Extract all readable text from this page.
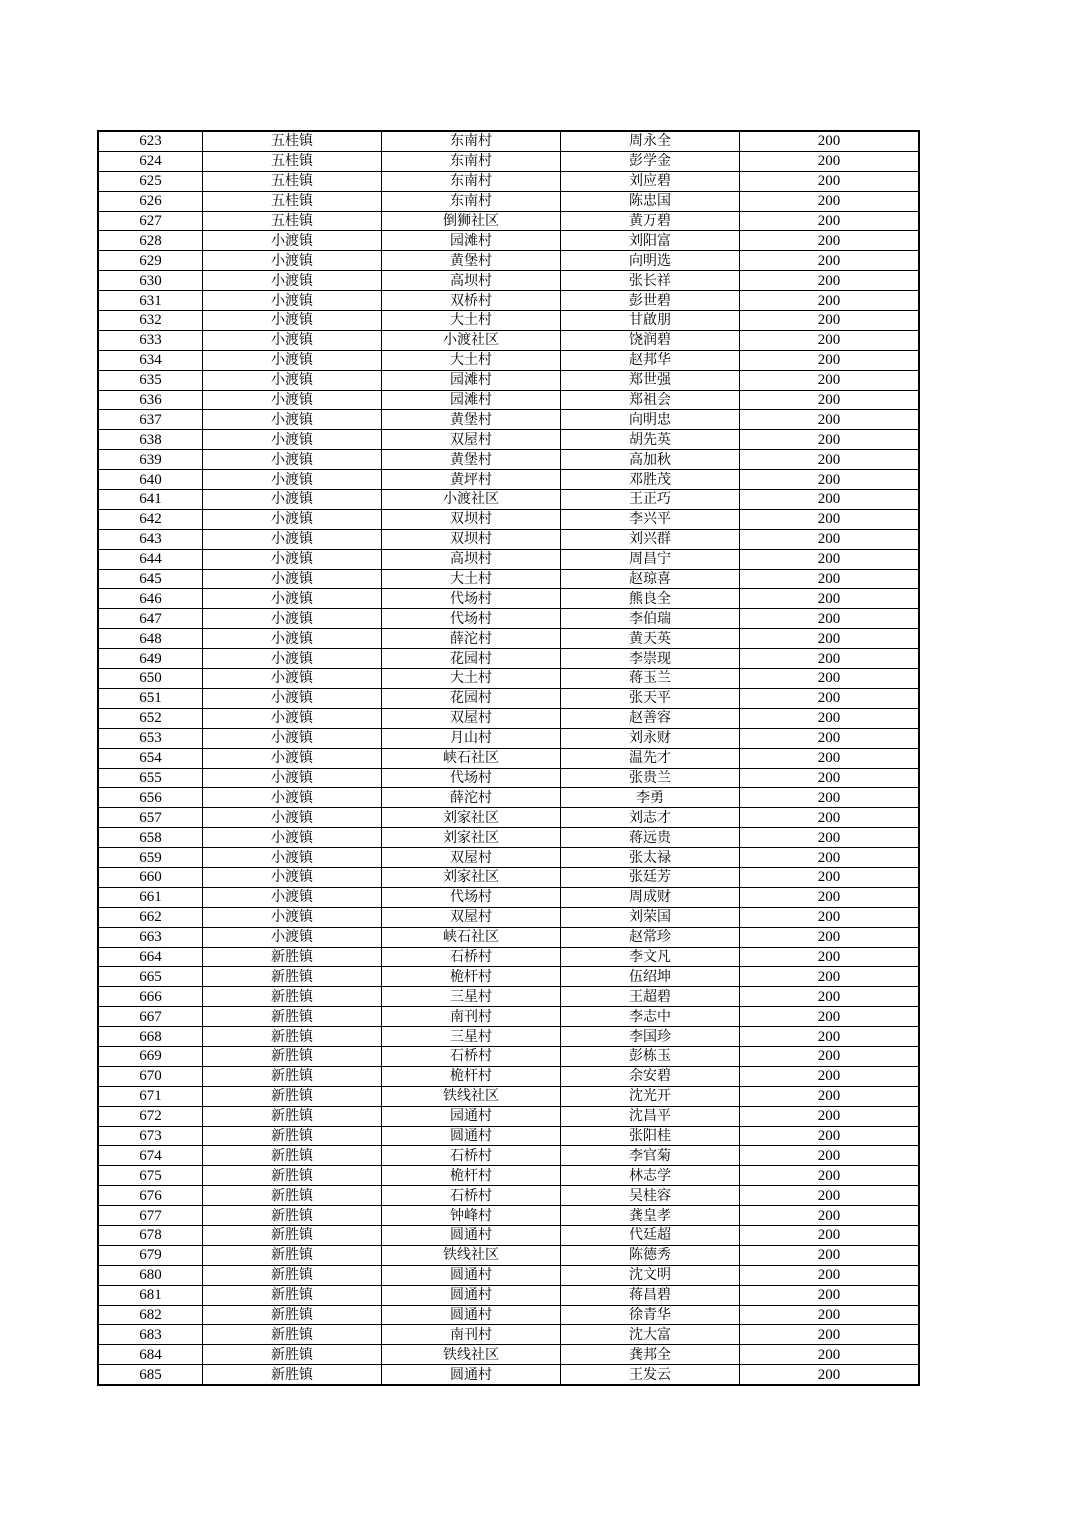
623	五桂镇	东南村	周永全	200
624	五桂镇	东南村	彭学金	200
625	五桂镇	东南村	刘应碧	200
626	五桂镇	东南村	陈忠国	200
627	五桂镇	倒狮社区	黄万碧	200
628	小渡镇	园滩村	刘阳富	200
629	小渡镇	黄堡村	向明选	200
630	小渡镇	高坝村	张长祥	200
631	小渡镇	双桥村	彭世碧	200
632	小渡镇	大土村	甘啟朋	200
633	小渡镇	小渡社区	饶润碧	200
634	小渡镇	大土村	赵邦华	200
635	小渡镇	园滩村	郑世强	200
636	小渡镇	园滩村	郑祖会	200
637	小渡镇	黄堡村	向明忠	200
638	小渡镇	双屋村	胡先英	200
639	小渡镇	黄堡村	高加秋	200
640	小渡镇	黄坪村	邓胜茂	200
641	小渡镇	小渡社区	王正巧	200
642	小渡镇	双坝村	李兴平	200
643	小渡镇	双坝村	刘兴群	200
644	小渡镇	高坝村	周昌宁	200
645	小渡镇	大土村	赵琼喜	200
646	小渡镇	代场村	熊良全	200
647	小渡镇	代场村	李伯瑞	200
648	小渡镇	薛沱村	黄天英	200
649	小渡镇	花园村	李崇现	200
650	小渡镇	大土村	蒋玉兰	200
651	小渡镇	花园村	张天平	200
652	小渡镇	双屋村	赵善容	200
653	小渡镇	月山村	刘永财	200
654	小渡镇	峡石社区	温先才	200
655	小渡镇	代场村	张贵兰	200
656	小渡镇	薛沱村	李勇	200
657	小渡镇	刘家社区	刘志才	200
658	小渡镇	刘家社区	蒋远贵	200
659	小渡镇	双屋村	张太禄	200
660	小渡镇	刘家社区	张廷芳	200
661	小渡镇	代场村	周成财	200
662	小渡镇	双屋村	刘荣国	200
663	小渡镇	峡石社区	赵常珍	200
664	新胜镇	石桥村	李文凡	200
665	新胜镇	桅杆村	伍绍坤	200
666	新胜镇	三星村	王超碧	200
667	新胜镇	南刊村	李志中	200
668	新胜镇	三星村	李国珍	200
669	新胜镇	石桥村	彭栋玉	200
670	新胜镇	桅杆村	余安碧	200
671	新胜镇	铁线社区	沈光开	200
672	新胜镇	园通村	沈昌平	200
673	新胜镇	圆通村	张阳桂	200
674	新胜镇	石桥村	李官菊	200
675	新胜镇	桅杆村	林志学	200
676	新胜镇	石桥村	吴桂容	200
677	新胜镇	钟峰村	龚皇孝	200
678	新胜镇	圆通村	代廷超	200
679	新胜镇	铁线社区	陈德秀	200
680	新胜镇	圆通村	沈文明	200
681	新胜镇	圆通村	蒋昌碧	200
682	新胜镇	圆通村	徐青华	200
683	新胜镇	南刊村	沈大富	200
684	新胜镇	铁线社区	龚邦全	200
685	新胜镇	圆通村	王发云	200
